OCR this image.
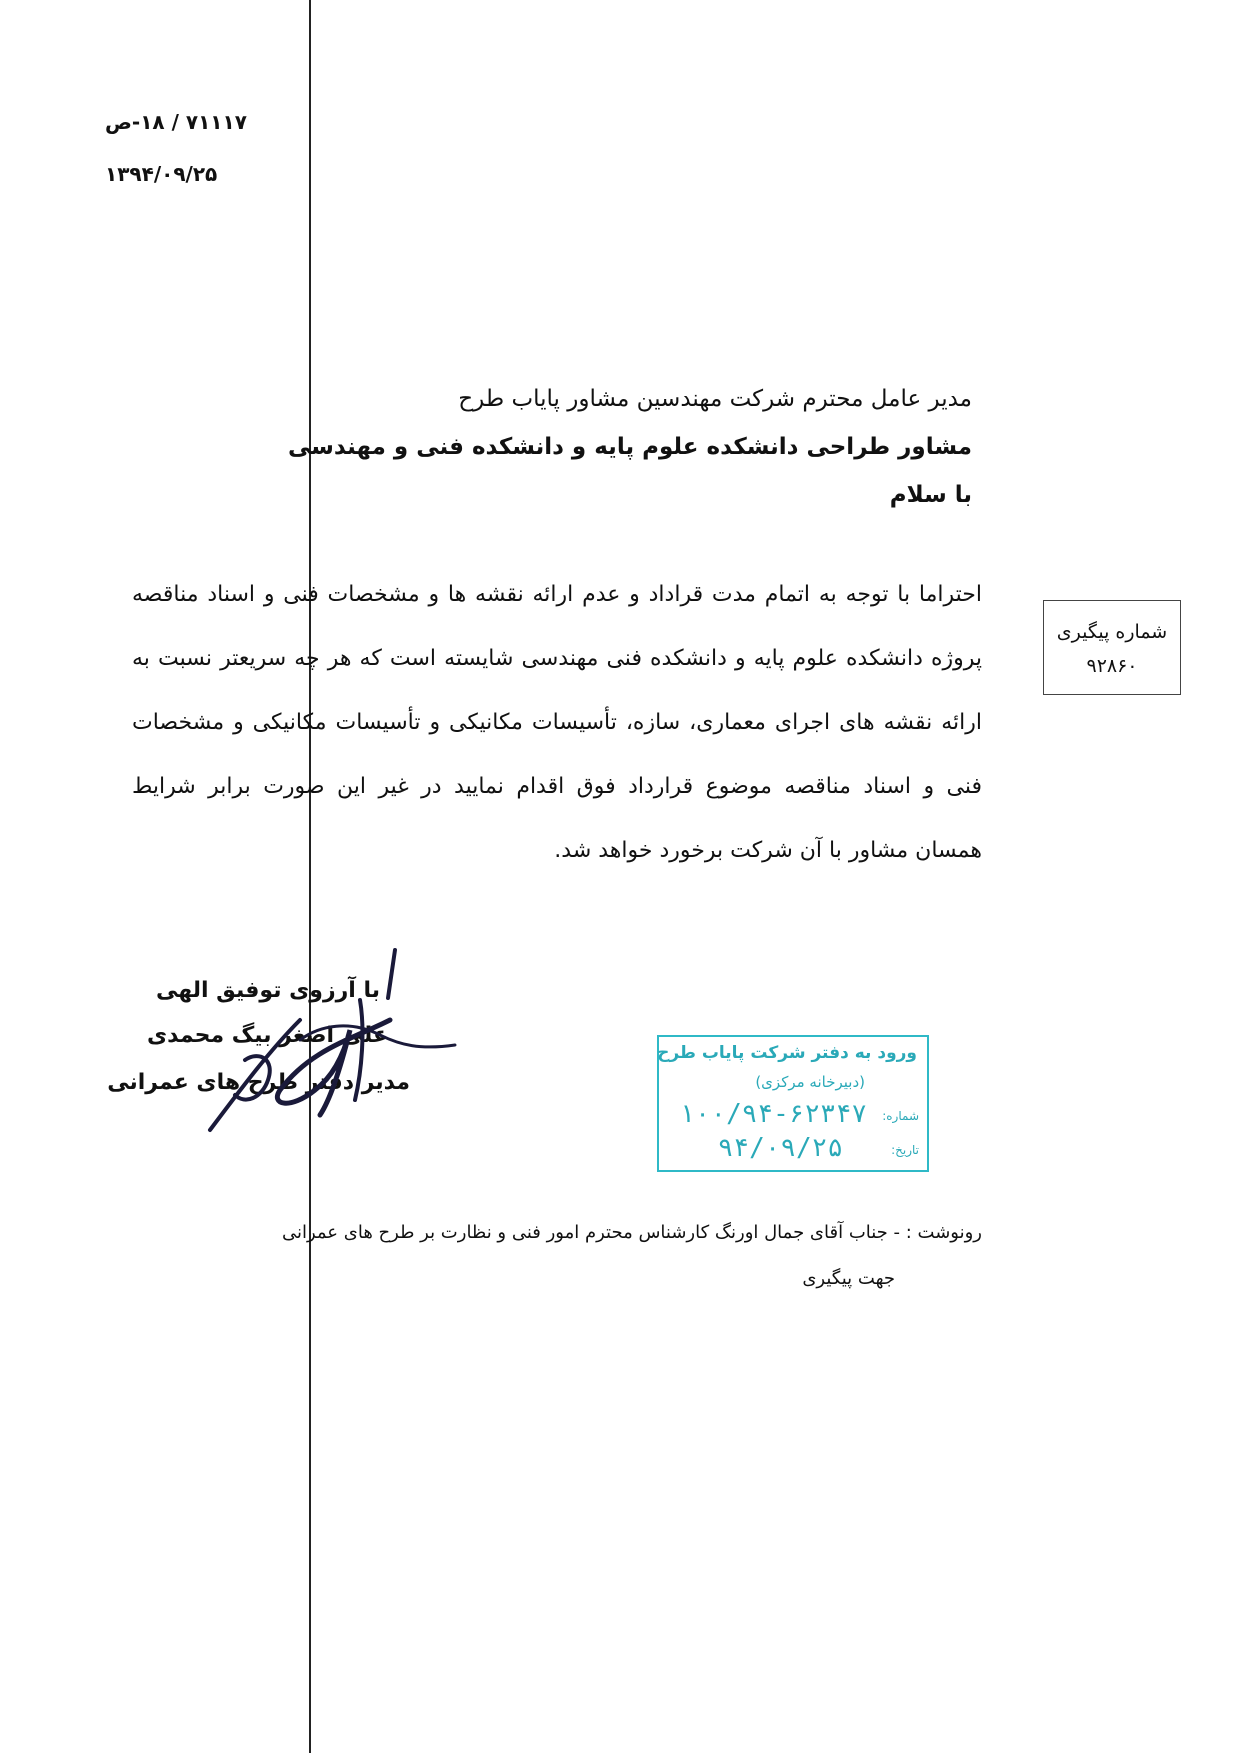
۷۱۱۱۷ / ۱۸-ص
۱۳۹۴/۰۹/۲۵
مدیر عامل محترم شرکت مهندسین مشاور پایاب طرح
مشاور طراحی دانشکده علوم پایه و دانشکده فنی و مهندسی
با سلام

احتراما با توجه به اتمام مدت قراداد و عدم ارائه نقشه ها و مشخصات فنی و اسناد مناقصه

پروژه دانشکده علوم پایه و دانشکده فنی مهندسی شایسته است که هر چه سریعتر نسبت به

ارائه نقشه های اجرای معماری، سازه، تأسیسات مکانیکی و تأسیسات مکانیکی و مشخصات

فنی و اسناد مناقصه موضوع قرارداد فوق اقدام نمایید در غیر این صورت برابر شرایط

همسان مشاور با آن شرکت برخورد خواهد شد.

شماره پیگیری
۹۲۸۶۰
با آرزوی توفیق الهی
علی اصغر بیگ محمدی
مدیر دفتر طرح های عمرانی
ورود به دفتر شرکت پایاب طرح
(دبیرخانه مرکزی)
شماره:
۱۰۰/۹۴-۶۲۳۴۷
تاریخ:
۹۴/۰۹/۲۵
رونوشت : - جناب آقای جمال اورنگ کارشناس محترم امور فنی و نظارت بر طرح های عمرانی
جهت پیگیری
